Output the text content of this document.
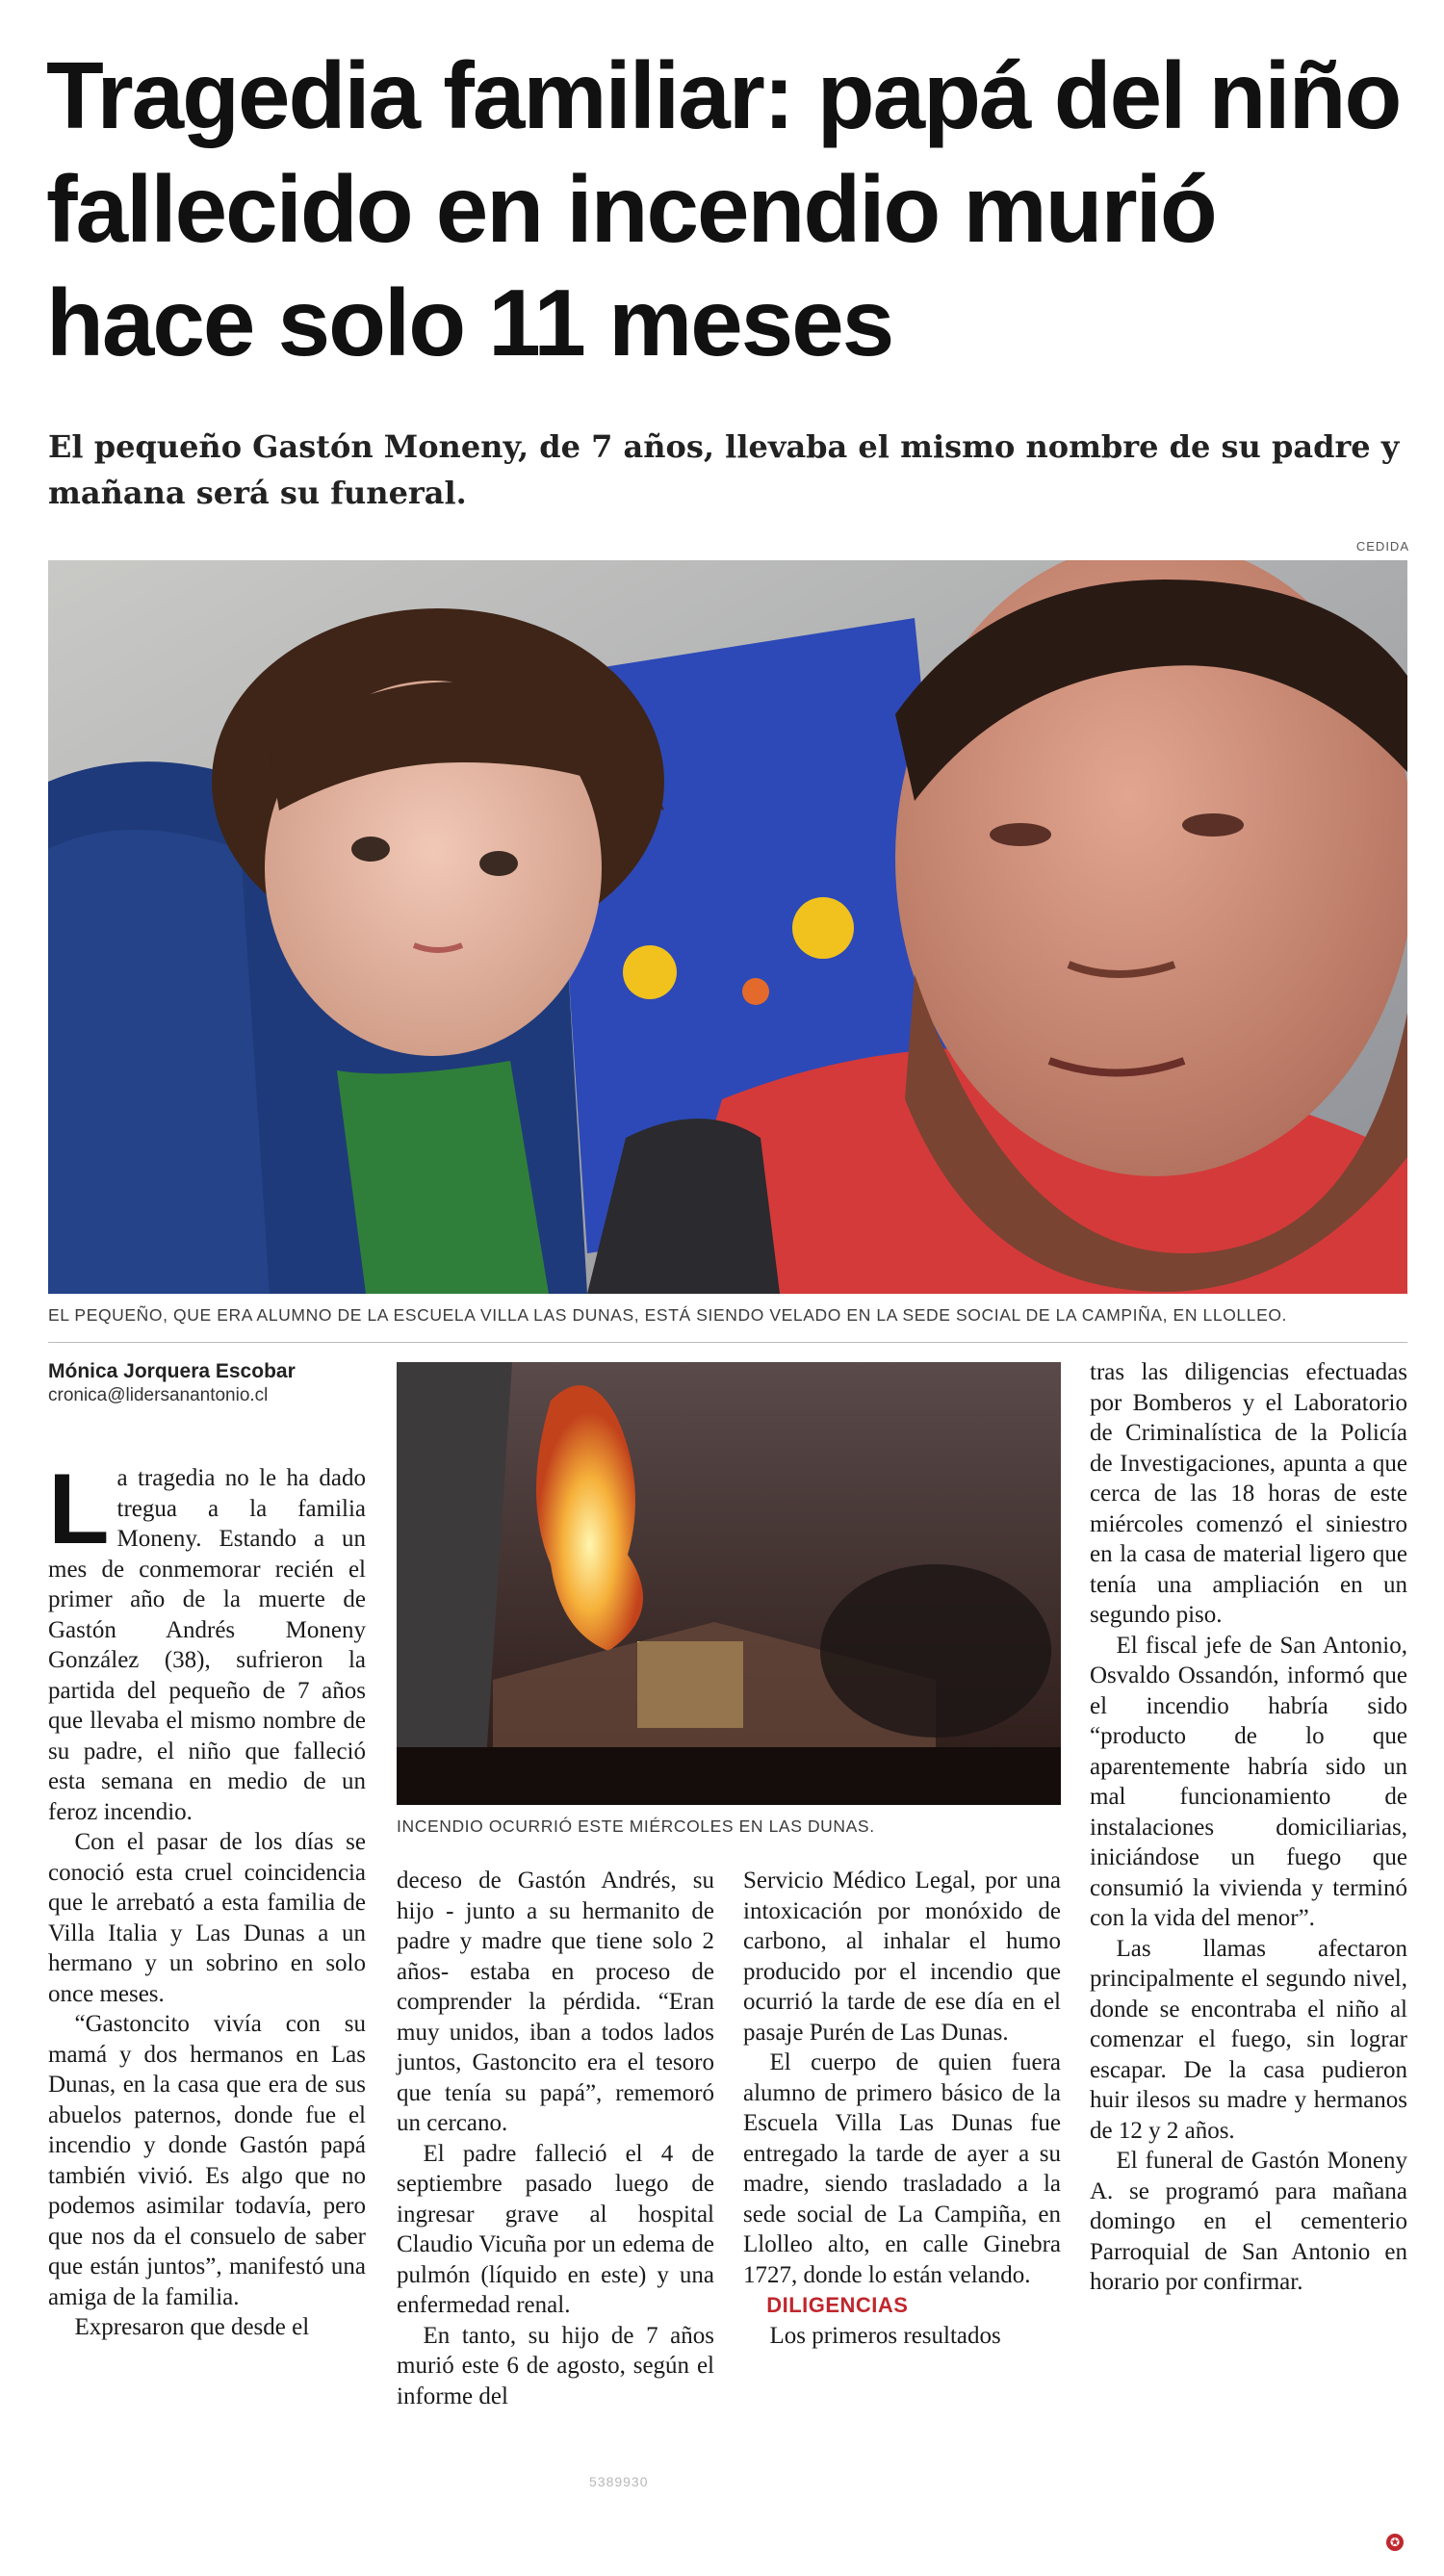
Tragedia familiar: papá del niño fallecido en incendio murió hace solo 11 meses
El pequeño Gastón Moneny, de 7 años, llevaba el mismo nombre de su padre y mañana será su funeral.
CEDIDA
EL PEQUEÑO, QUE ERA ALUMNO DE LA ESCUELA VILLA LAS DUNAS, ESTÁ SIENDO VELADO EN LA SEDE SOCIAL DE LA CAMPIÑA, EN LLOLLEO.
Mónica Jorquera Escobar
cronica@lidersanantonio.cl
INCENDIO OCURRIÓ ESTE MIÉRCOLES EN LAS DUNAS.

La tragedia no le ha dado tregua a la familia Moneny. Estando a un mes de conmemorar recién el primer año de la muerte de Gastón Andrés Moneny González (38), sufrieron la partida del pequeño de 7 años que llevaba el mismo nombre de su padre, el niño que falleció esta semana en medio de un feroz incendio.

Con el pasar de los días se conoció esta cruel coincidencia que le arrebató a esta familia de Villa Italia y Las Dunas a un hermano y un sobrino en solo once meses.

“Gastoncito vivía con su mamá y dos hermanos en Las Dunas, en la casa que era de sus abuelos paternos, donde fue el incendio y donde Gastón papá también vivió. Es algo que no podemos asimilar todavía, pero que nos da el consuelo de saber que están juntos”, manifestó una amiga de la familia.

Expresaron que desde el

deceso de Gastón Andrés, su hijo - junto a su hermanito de padre y madre que tiene solo 2 años- estaba en proceso de comprender la pérdida. “Eran muy unidos, iban a todos lados juntos, Gastoncito era el tesoro que tenía su papá”, rememoró un cercano.

El padre falleció el 4 de septiembre pasado luego de ingresar grave al hospital Claudio Vicuña por un edema de pulmón (líquido en este) y una enfermedad renal.

En tanto, su hijo de 7 años murió este 6 de agosto, según el informe del

Servicio Médico Legal, por una intoxicación por monóxido de carbono, al inhalar el humo producido por el incendio que ocurrió la tarde de ese día en el pasaje Purén de Las Dunas.

El cuerpo de quien fuera alumno de primero básico de la Escuela Villa Las Dunas fue entregado la tarde de ayer a su madre, siendo trasladado a la sede social de La Campiña, en Llolleo alto, en calle Ginebra 1727, donde lo están velando.

DILIGENCIAS

Los primeros resultados

tras las diligencias efectuadas por Bomberos y el Laboratorio de Criminalística de la Policía de Investigaciones, apunta a que cerca de las 18 horas de este miércoles comenzó el siniestro en la casa de material ligero que tenía una ampliación en un segundo piso.

El fiscal jefe de San Antonio, Osvaldo Ossandón, informó que el incendio habría sido “producto de lo que aparentemente habría sido un mal funcionamiento de instalaciones domiciliarias, iniciándose un fuego que consumió la vivienda y terminó con la vida del menor”.

Las llamas afectaron principalmente el segundo nivel, donde se encontraba el niño al comenzar el fuego, sin lograr escapar. De la casa pudieron huir ilesos su madre y hermanos de 12 y 2 años.

El funeral de Gastón Moneny A. se programó para mañana domingo en el cementerio Parroquial de San Antonio en horario por confirmar.

5389930
✪
